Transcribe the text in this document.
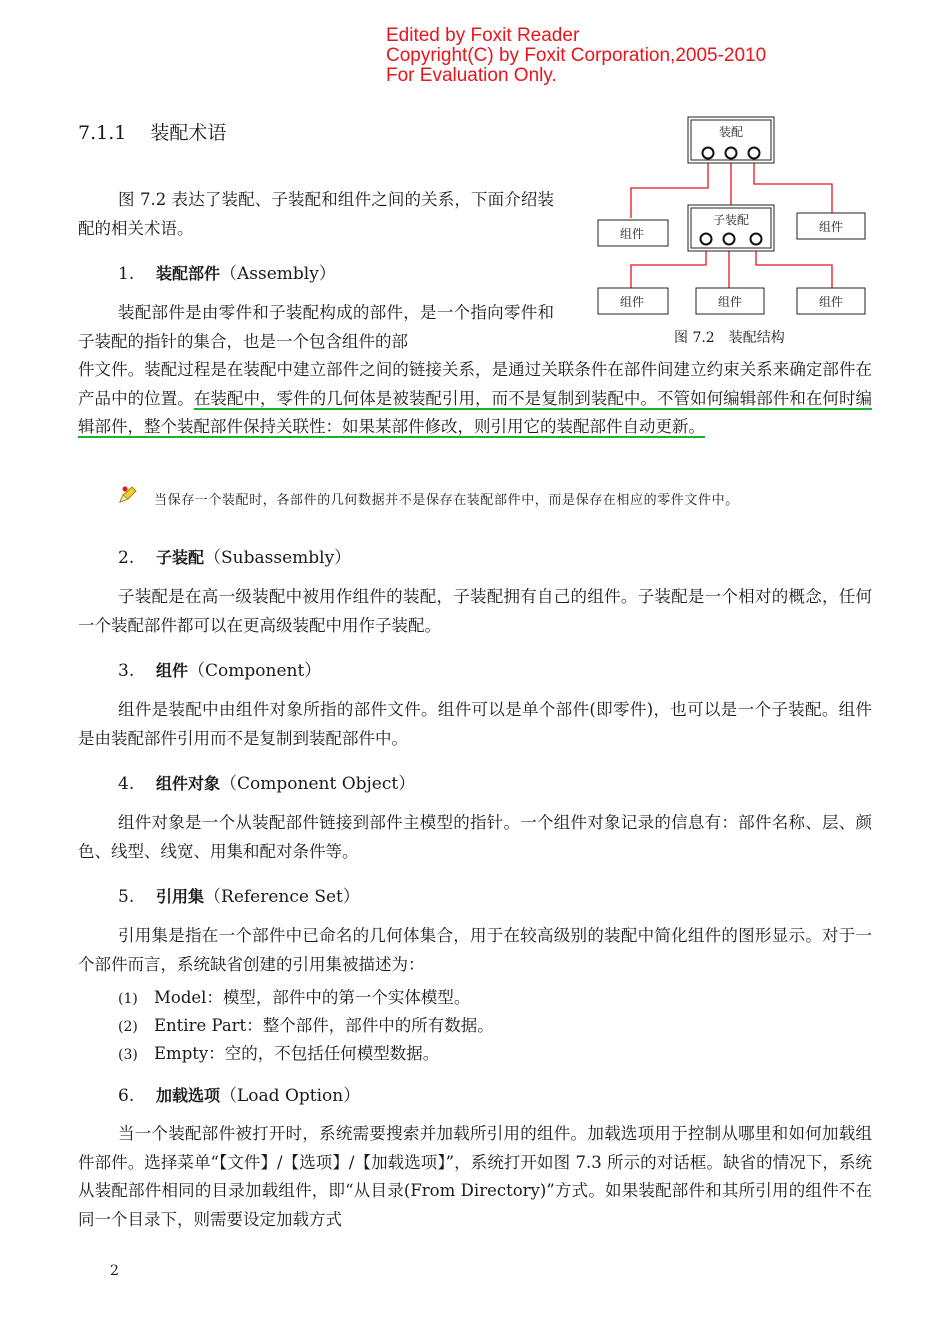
Edited by Foxit Reader
Copyright(C) by Foxit Corporation,2005-2010
For Evaluation Only.
7.1.1 装配术语	装配
子装配
组件	组件
组件	组件	组件
图 7.2 装配结构
图 7.2 表达了装配、子装配和组件之间的关系，下面介绍装配的相关术语。
1. 装配部件（Assembly）
装配部件是由零件和子装配构成的部件，是一个指向零件和子装配的指针的集合，也是一个包含组件的部
件文件。装配过程是在装配中建立部件之间的链接关系，是通过关联条件在部件间建立约束关系来确定部件在产品中的位置。在装配中，零件的几何体是被装配引用，而不是复制到装配中。不管如何编辑部件和在何时编辑部件，整个装配部件保持关联性：如果某部件修改，则引用它的装配部件自动更新。
当保存一个装配时，各部件的几何数据并不是保存在装配部件中，而是保存在相应的零件文件中。
2. 子装配（Subassembly）
子装配是在高一级装配中被用作组件的装配，子装配拥有自己的组件。子装配是一个相对的概念，任何一个装配部件都可以在更高级装配中用作子装配。
3. 组件（Component）
组件是装配中由组件对象所指的部件文件。组件可以是单个部件(即零件)，也可以是一个子装配。组件是由装配部件引用而不是复制到装配部件中。
4. 组件对象（Component Object）
组件对象是一个从装配部件链接到部件主模型的指针。一个组件对象记录的信息有：部件名称、层、颜色、线型、线宽、用集和配对条件等。
5. 引用集（Reference Set）
引用集是指在一个部件中已命名的几何体集合，用于在较高级别的装配中简化组件的图形显示。对于一个部件而言，系统缺省创建的引用集被描述为：
(1) Model：模型，部件中的第一个实体模型。
(2) Entire Part：整个部件，部件中的所有数据。
(3) Empty：空的，不包括任何模型数据。
6. 加载选项（Load Option）
当一个装配部件被打开时，系统需要搜索并加载所引用的组件。加载选项用于控制从哪里和如何加载组件部件。选择菜单“【文件】/【选项】/【加载选项】”，系统打开如图 7.3 所示的对话框。缺省的情况下，系统从装配部件相同的目录加载组件，即“从目录(From Directory)”方式。如果装配部件和其所引用的组件不在同一个目录下，则需要设定加载方式
2
